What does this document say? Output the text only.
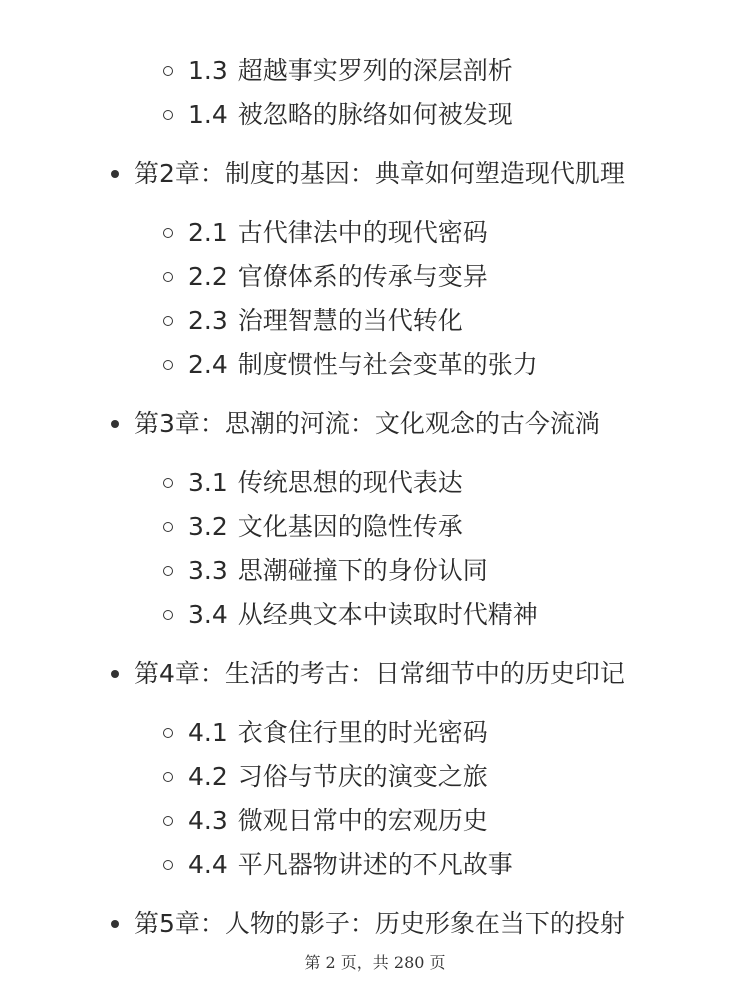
1.3 超越事实罗列的深层剖析
1.4 被忽略的脉络如何被发现
第2章：制度的基因：典章如何塑造现代肌理
2.1 古代律法中的现代密码
2.2 官僚体系的传承与变异
2.3 治理智慧的当代转化
2.4 制度惯性与社会变革的张力
第3章：思潮的河流：文化观念的古今流淌
3.1 传统思想的现代表达
3.2 文化基因的隐性传承
3.3 思潮碰撞下的身份认同
3.4 从经典文本中读取时代精神
第4章：生活的考古：日常细节中的历史印记
4.1 衣食住行里的时光密码
4.2 习俗与节庆的演变之旅
4.3 微观日常中的宏观历史
4.4 平凡器物讲述的不凡故事
第5章：人物的影子：历史形象在当下的投射
第 2 页，共 280 页
